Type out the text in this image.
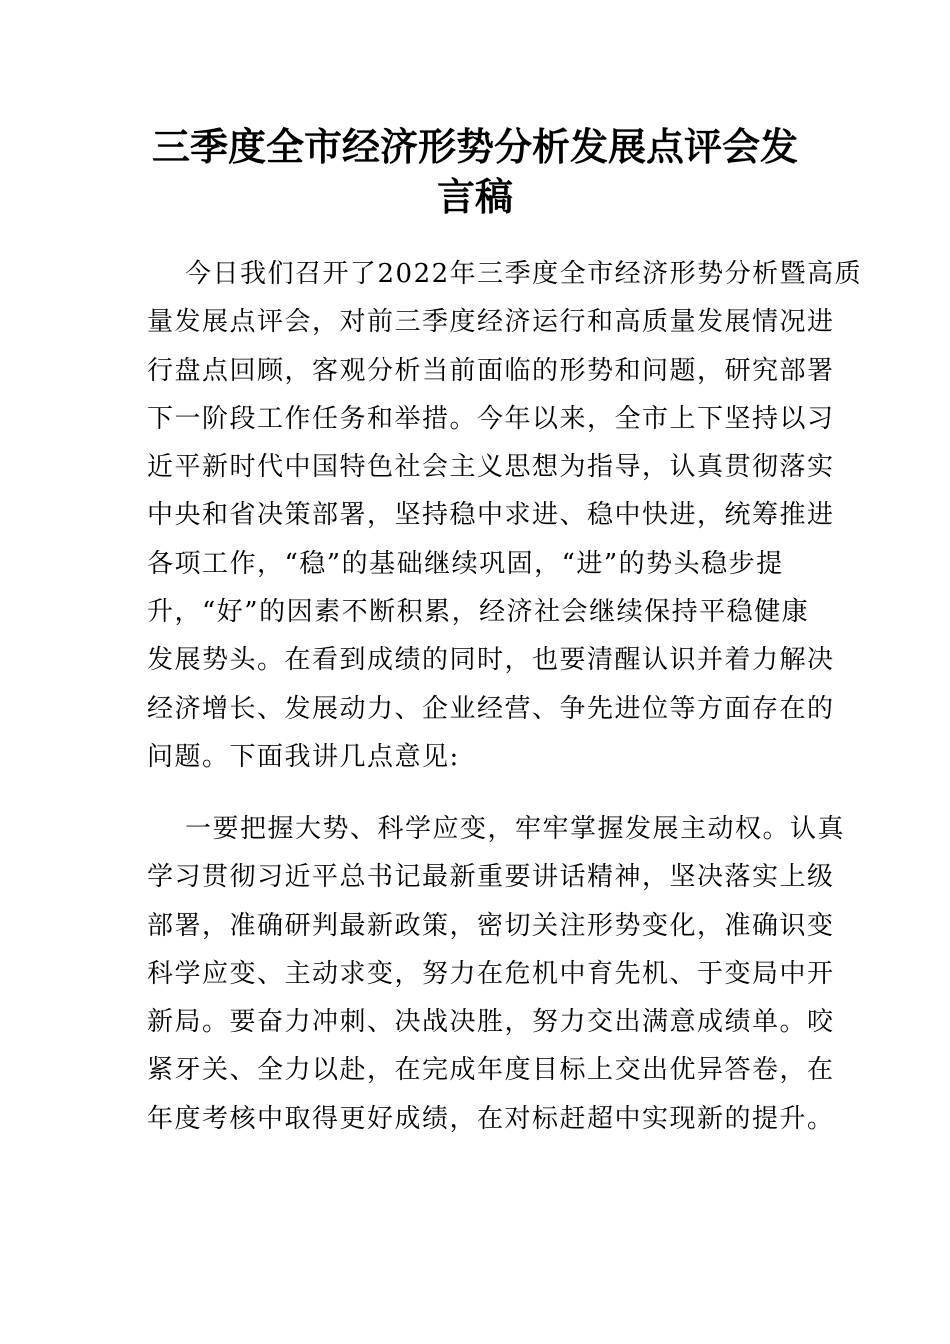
三季度全市经济形势分析发展点评会发
言稿
今日我们召开了2022年三季度全市经济形势分析暨高质
量发展点评会，对前三季度经济运行和高质量发展情况进
行盘点回顾，客观分析当前面临的形势和问题，研究部署
下一阶段工作任务和举措。今年以来，全市上下坚持以习
近平新时代中国特色社会主义思想为指导，认真贯彻落实
中央和省决策部署，坚持稳中求进、稳中快进，统筹推进
各项工作，“稳”的基础继续巩固，“进”的势头稳步提
升，“好”的因素不断积累，经济社会继续保持平稳健康
发展势头。在看到成绩的同时，也要清醒认识并着力解决
经济增长、发展动力、企业经营、争先进位等方面存在的
问题。下面我讲几点意见:
一要把握大势、科学应变，牢牢掌握发展主动权。认真
学习贯彻习近平总书记最新重要讲话精神，坚决落实上级
部署，准确研判最新政策，密切关注形势变化，准确识变
科学应变、主动求变，努力在危机中育先机、于变局中开
新局。要奋力冲刺、决战决胜，努力交出满意成绩单。咬
紧牙关、全力以赴，在完成年度目标上交出优异答卷，在
年度考核中取得更好成绩，在对标赶超中实现新的提升。
